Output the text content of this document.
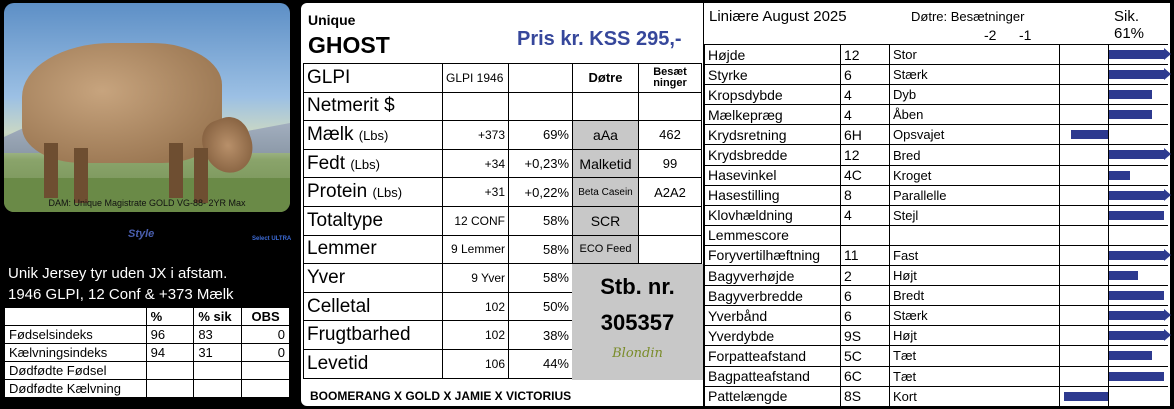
DAM: Unique Magistrate GOLD VG-88- 2YR Max
Style	Select ULTRA
Unik Jersey tyr uden JX i afstam.
1946 GLPI, 12 Conf & +373 Mælk
	%	% sik	OBS
Fødselsindeks	96	83	0
Kælvningsindeks	94	31	0
Dødfødte Fødsel			
Dødfødte Kælvning			
Unique
GHOST	Pris kr. KSS 295,-
GLPI	GLPI 1946		Døtre	Besæt ninger
Netmerit $				
Mælk (Lbs)	+373	69%	aAa	462
Fedt (Lbs)	+34	+0,23%	Malketid	99
Protein (Lbs)	+31	+0,22%	Beta Casein	A2A2
Totaltype	12 CONF	58%	SCR	
Lemmer	9 Lemmer	58%	ECO Feed	
Yver	9 Yver	58%		
Celletal	102	50%		
Frugtbarhed	102	38%		
Levetid	106	44%		
Stb. nr.
305357
Blondin
BOOMERANG X GOLD X JAMIE X VICTORIUS
Liniære August 2025	Døtre: Besætninger	Sik. 61%
-2 -1
Højde	12	Stor	

Styrke	6	Stærk	

Kropsdybde	4	Dyb	

Mælkepræg	4	Åben	

Krydsretning	6H	Opsvajet	

Krydsbredde	12	Bred	

Hasevinkel	4C	Kroget	

Hasestilling	8	Parallelle	

Klovhældning	4	Stejl	

Lemmescore			

Foryvertilhæftning	11	Fast	

Bagyverhøjde	2	Højt	

Bagyverbredde	6	Bredt	

Yverbånd	6	Stærk	

Yverdybde	9S	Højt	

Forpatteafstand	5C	Tæt	

Bagpatteafstand	6C	Tæt	

Pattelængde	8S	Kort	
